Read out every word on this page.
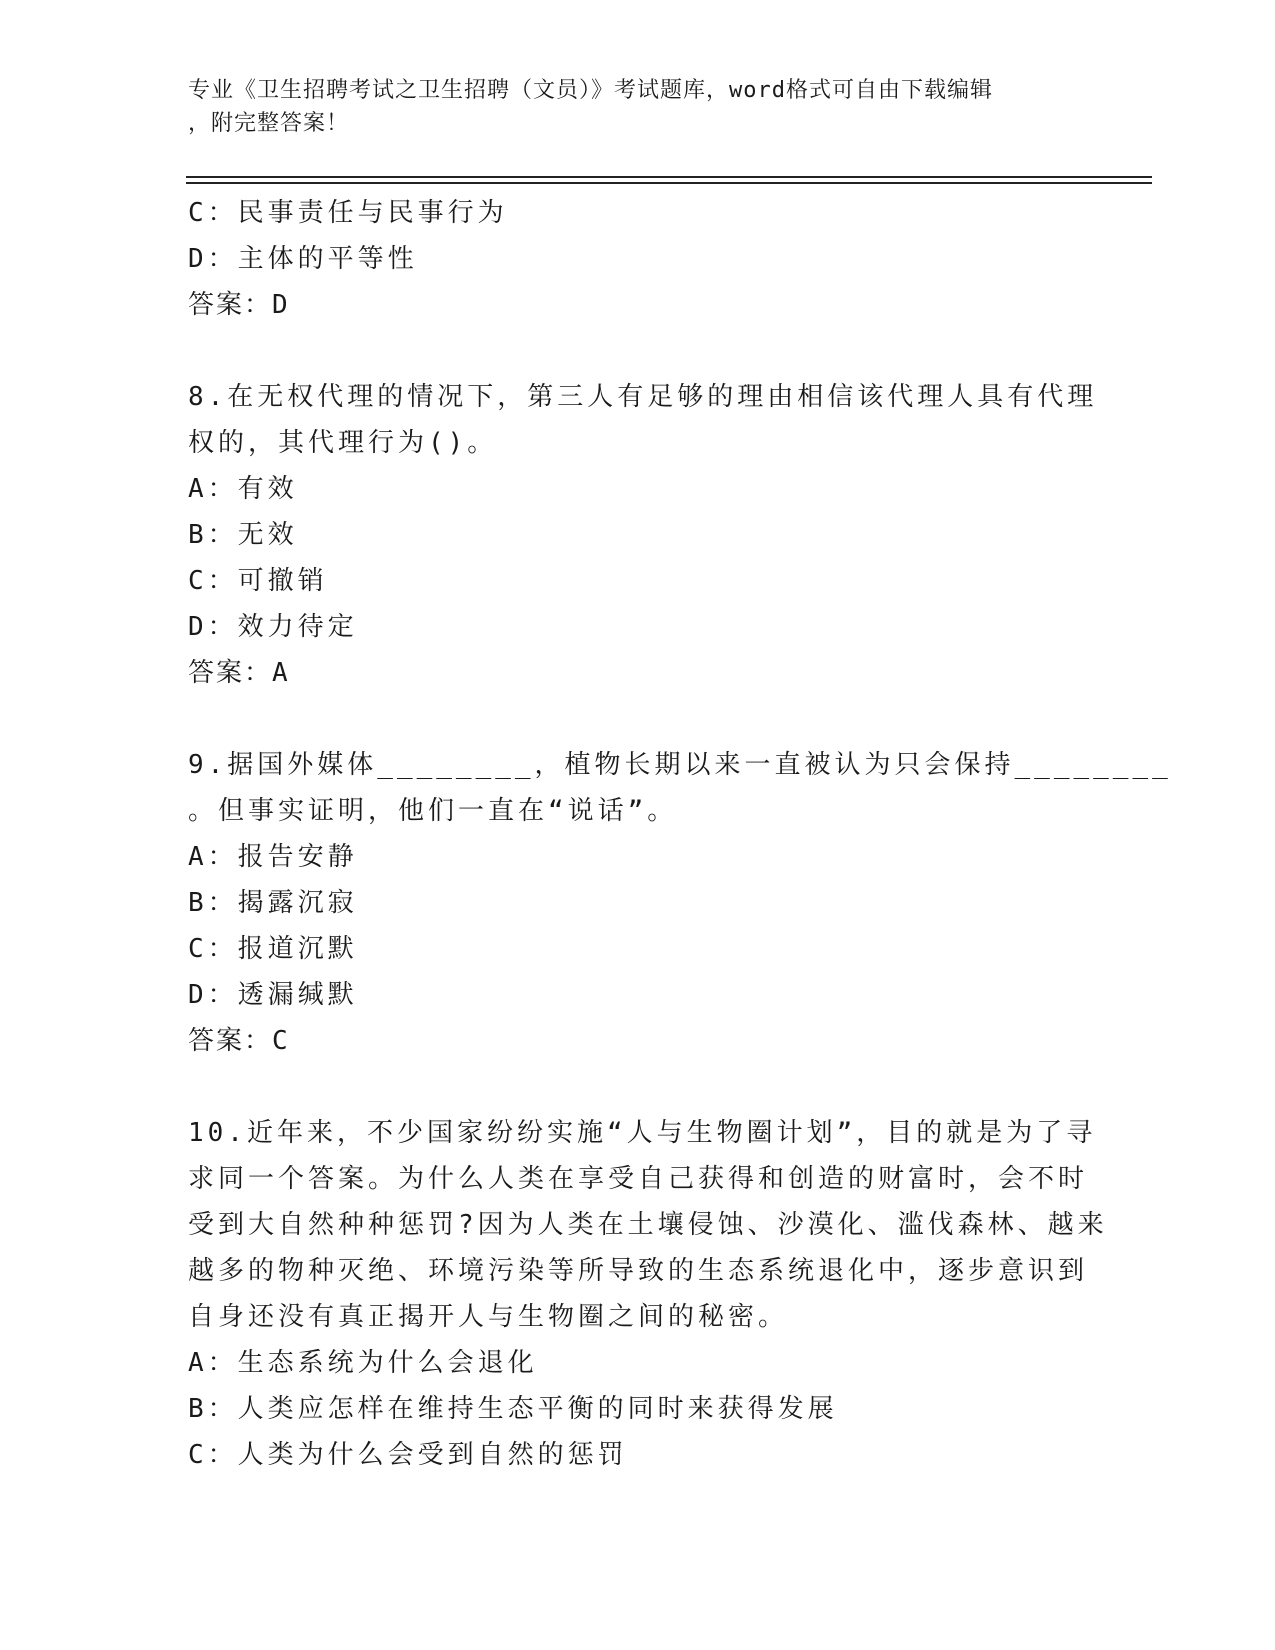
专业《卫生招聘考试之卫生招聘（文员）》考试题库，word格式可自由下载编辑
，附完整答案！
C：民事责任与民事行为
D：主体的平等性
答案：D
8.在无权代理的情况下，第三人有足够的理由相信该代理人具有代理
权的，其代理行为()。
A：有效
B：无效
C：可撤销
D：效力待定
答案：A
9.据国外媒体________，植物长期以来一直被认为只会保持________
。但事实证明，他们一直在“说话”。
A：报告安静
B：揭露沉寂
C：报道沉默
D：透漏缄默
答案：C
10.近年来，不少国家纷纷实施“人与生物圈计划”，目的就是为了寻
求同一个答案。为什么人类在享受自己获得和创造的财富时，会不时
受到大自然种种惩罚?因为人类在土壤侵蚀、沙漠化、滥伐森林、越来
越多的物种灭绝、环境污染等所导致的生态系统退化中，逐步意识到
自身还没有真正揭开人与生物圈之间的秘密。
A：生态系统为什么会退化
B：人类应怎样在维持生态平衡的同时来获得发展
C：人类为什么会受到自然的惩罚
